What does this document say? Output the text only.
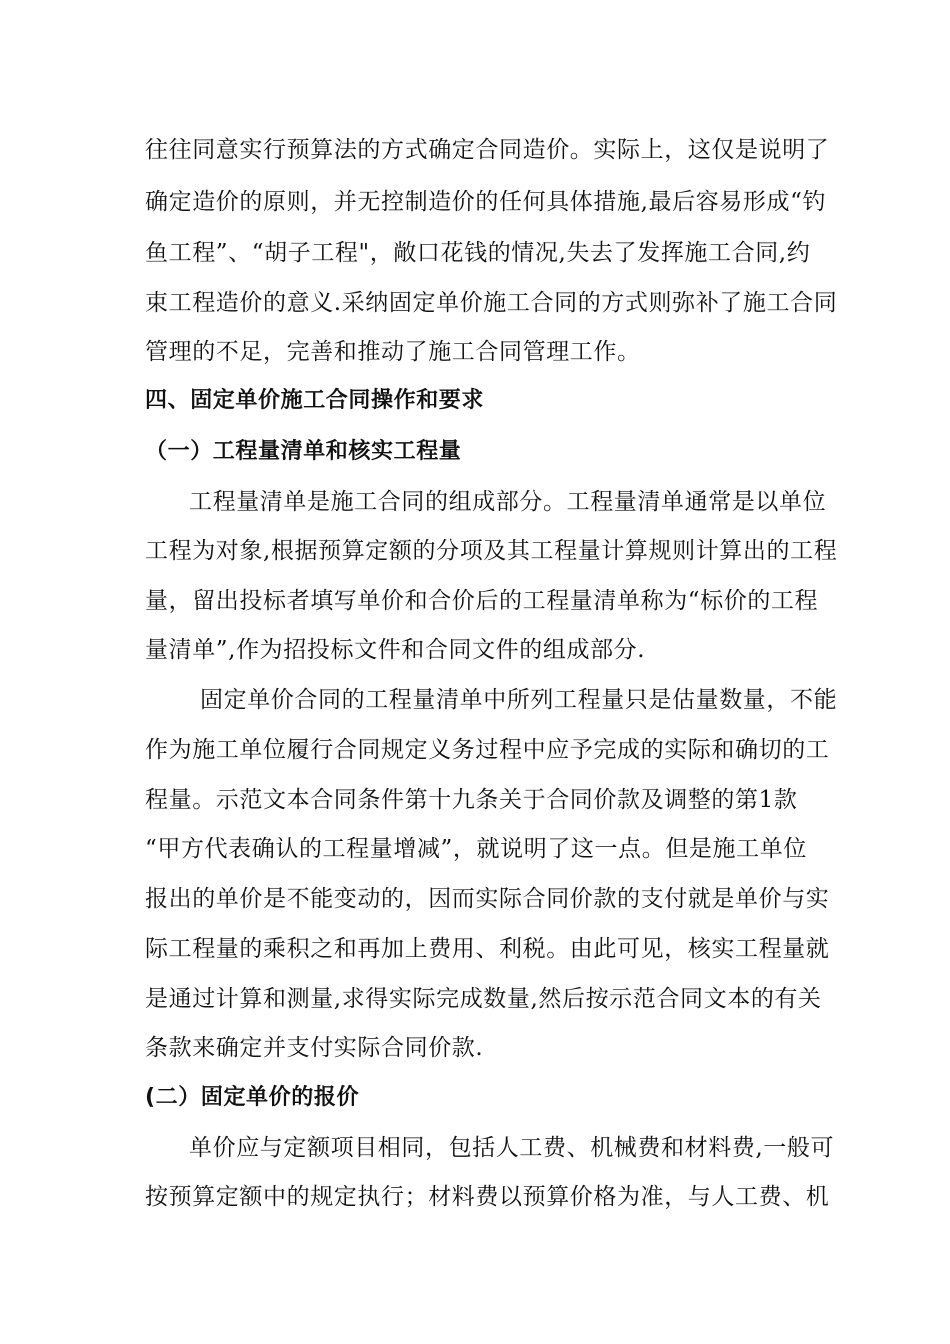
往往同意实行预算法的方式确定合同造价。实际上，这仅是说明了
确定造价的原则，并无控制造价的任何具体措施,最后容易形成“钓
鱼工程”、“胡子工程"，敞口花钱的情况,失去了发挥施工合同,约
束工程造价的意义.采纳固定单价施工合同的方式则弥补了施工合同
管理的不足，完善和推动了施工合同管理工作。
四、固定单价施工合同操作和要求
（一）工程量清单和核实工程量
工程量清单是施工合同的组成部分。工程量清单通常是以单位
工程为对象,根据预算定额的分项及其工程量计算规则计算出的工程
量，留出投标者填写单价和合价后的工程量清单称为“标价的工程
量清单”,作为招投标文件和合同文件的组成部分.
固定单价合同的工程量清单中所列工程量只是估量数量，不能
作为施工单位履行合同规定义务过程中应予完成的实际和确切的工
程量。示范文本合同条件第十九条关于合同价款及调整的第1款
“甲方代表确认的工程量增减”，就说明了这一点。但是施工单位
报出的单价是不能变动的，因而实际合同价款的支付就是单价与实
际工程量的乘积之和再加上费用、利税。由此可见，核实工程量就
是通过计算和测量,求得实际完成数量,然后按示范合同文本的有关
条款来确定并支付实际合同价款.
(二）固定单价的报价
单价应与定额项目相同，包括人工费、机械费和材料费,一般可
按预算定额中的规定执行；材料费以预算价格为准，与人工费、机
